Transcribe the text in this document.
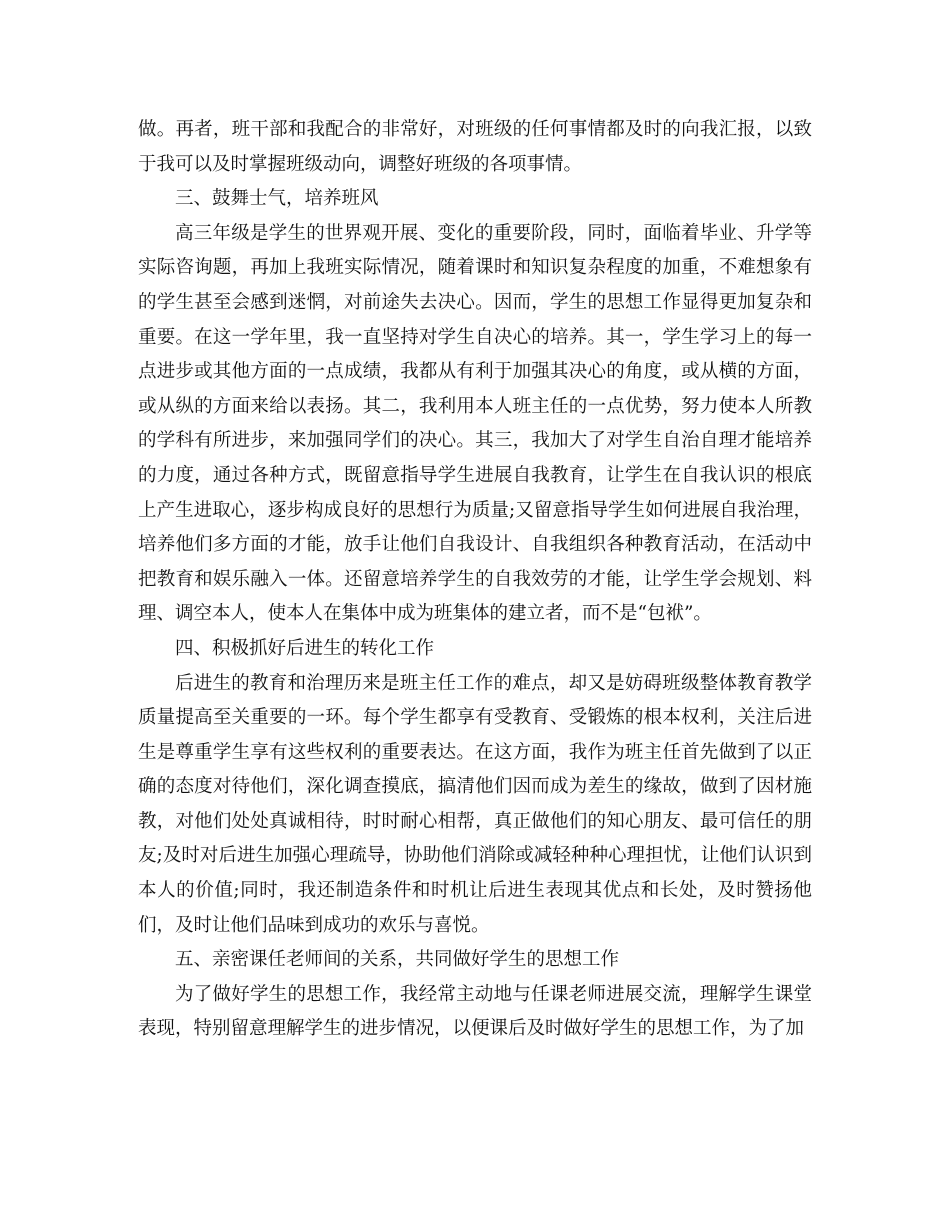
做。再者，班干部和我配合的非常好，对班级的任何事情都及时的向我汇报，以致于我可以及时掌握班级动向，调整好班级的各项事情。

三、鼓舞士气，培养班风

高三年级是学生的世界观开展、变化的重要阶段，同时，面临着毕业、升学等实际咨询题，再加上我班实际情况，随着课时和知识复杂程度的加重，不难想象有的学生甚至会感到迷惘，对前途失去决心。因而，学生的思想工作显得更加复杂和重要。在这一学年里，我一直坚持对学生自决心的培养。其一，学生学习上的每一点进步或其他方面的一点成绩，我都从有利于加强其决心的角度，或从横的方面，或从纵的方面来给以表扬。其二，我利用本人班主任的一点优势，努力使本人所教的学科有所进步，来加强同学们的决心。其三，我加大了对学生自治自理才能培养的力度，通过各种方式，既留意指导学生进展自我教育，让学生在自我认识的根底上产生进取心，逐步构成良好的思想行为质量;又留意指导学生如何进展自我治理，培养他们多方面的才能，放手让他们自我设计、自我组织各种教育活动，在活动中把教育和娱乐融入一体。还留意培养学生的自我效劳的才能，让学生学会规划、料理、调空本人，使本人在集体中成为班集体的建立者，而不是“包袱”。

四、积极抓好后进生的转化工作

后进生的教育和治理历来是班主任工作的难点，却又是妨碍班级整体教育教学质量提高至关重要的一环。每个学生都享有受教育、受锻炼的根本权利，关注后进生是尊重学生享有这些权利的重要表达。在这方面，我作为班主任首先做到了以正确的态度对待他们，深化调查摸底，搞清他们因而成为差生的缘故，做到了因材施教，对他们处处真诚相待，时时耐心相帮，真正做他们的知心朋友、最可信任的朋友;及时对后进生加强心理疏导，协助他们消除或减轻种种心理担忧，让他们认识到本人的价值;同时，我还制造条件和时机让后进生表现其优点和长处，及时赞扬他们，及时让他们品味到成功的欢乐与喜悦。

五、亲密课任老师间的关系，共同做好学生的思想工作

为了做好学生的思想工作，我经常主动地与任课老师进展交流，理解学生课堂表现，特别留意理解学生的进步情况，以便课后及时做好学生的思想工作，为了加
